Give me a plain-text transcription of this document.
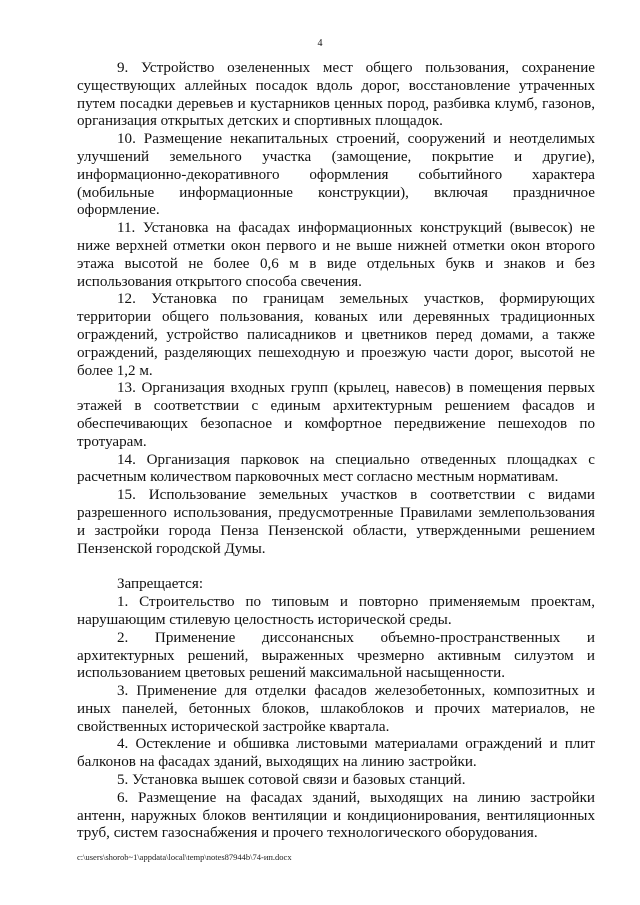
4

9. Устройство озелененных мест общего пользования, сохранение существующих аллейных посадок вдоль дорог, восстановление утраченных путем посадки деревьев и кустарников ценных пород, разбивка клумб, газонов, организация открытых детских и спортивных площадок.

10. Размещение некапитальных строений, сооружений и неотделимых улучшений земельного участка (замощение, покрытие и другие), информационно-декоративного оформления событийного характера (мобильные информационные конструкции), включая праздничное оформление.

11. Установка на фасадах информационных конструкций (вывесок) не ниже верхней отметки окон первого и не выше нижней отметки окон второго этажа высотой не более 0,6 м в виде отдельных букв и знаков и без использования открытого способа свечения.

12. Установка по границам земельных участков, формирующих территории общего пользования, кованых или деревянных традиционных ограждений, устройство палисадников и цветников перед домами, а также ограждений, разделяющих пешеходную и проезжую части дорог, высотой не более 1,2 м.

13. Организация входных групп (крылец, навесов) в помещения первых этажей в соответствии с единым архитектурным решением фасадов и обеспечивающих безопасное и комфортное передвижение пешеходов по тротуарам.

14. Организация парковок на специально отведенных площадках с расчетным количеством парковочных мест согласно местным нормативам.

15. Использование земельных участков в соответствии с видами разрешенного использования, предусмотренные Правилами землепользования и застройки города Пенза Пензенской области, утвержденными решением Пензенской городской Думы.

Запрещается:

1. Строительство по типовым и повторно применяемым проектам, нарушающим стилевую целостность исторической среды.

2. Применение диссонансных объемно-пространственных и архитектурных решений, выраженных чрезмерно активным силуэтом и использованием цветовых решений максимальной насыщенности.

3. Применение для отделки фасадов железобетонных, композитных и иных панелей, бетонных блоков, шлакоблоков и прочих материалов, не свойственных исторической застройке квартала.

4. Остекление и обшивка листовыми материалами ограждений и плит балконов на фасадах зданий, выходящих на линию застройки.

5. Установка вышек сотовой связи и базовых станций.

6. Размещение на фасадах зданий, выходящих на линию застройки антенн, наружных блоков вентиляции и кондиционирования, вентиляционных труб, систем газоснабжения и прочего технологического оборудования.

c:\users\shorob~1\appdata\local\temp\notes87944b\74-ип.docx
